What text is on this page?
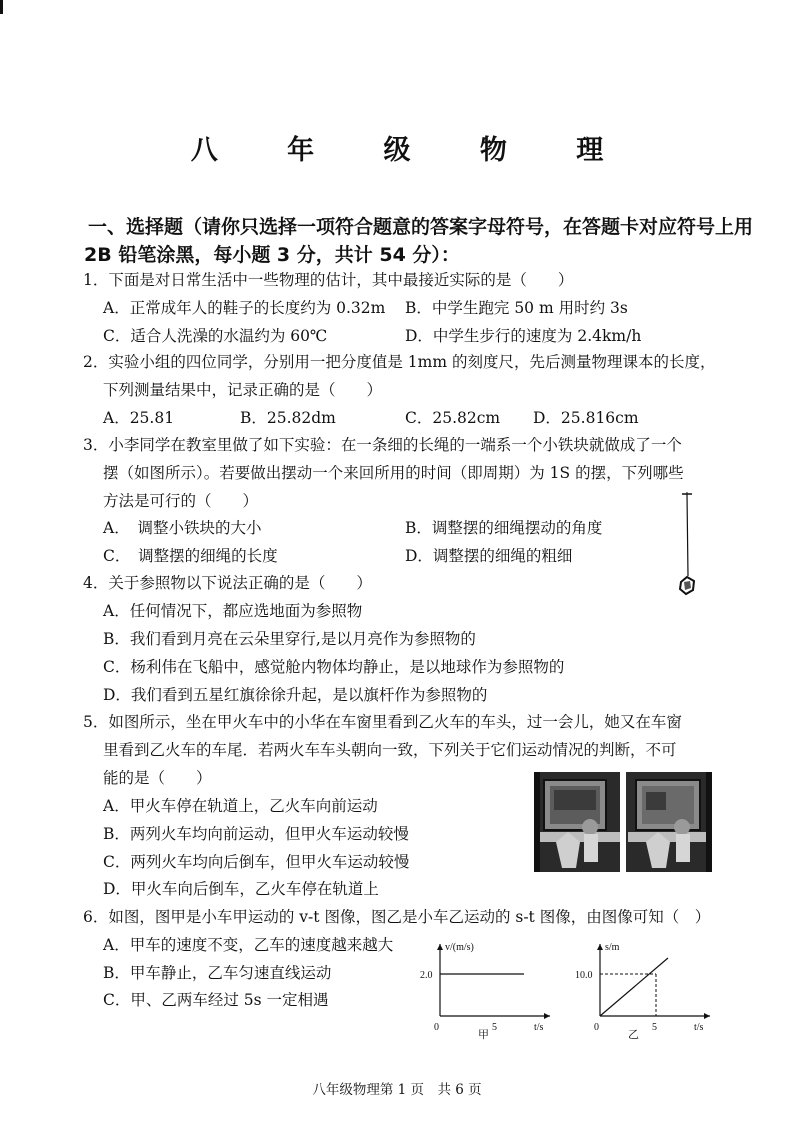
八 年 级 物 理
一、选择题（请你只选择一项符合题意的答案字母符号，在答题卡对应符号上用
2B 铅笔涂黑，每小题 3 分，共计 54 分）：
1．下面是对日常生活中一些物理的估计，其中最接近实际的是（　　）
A．正常成年人的鞋子的长度约为 0.32m B．中学生跑完 50 m 用时约 3s
C．适合人洗澡的水温约为 60℃	D．中学生步行的速度为 2.4km/h
2．实验小组的四位同学，分别用一把分度值是 1mm 的刻度尺，先后测量物理课本的长度，
下列测量结果中，记录正确的是（　　）
A．25.81	B．25.82dm	C．25.82cm D．25.816cm
3．小李同学在教室里做了如下实验：在一条细的长绳的一端系一个小铁块就做成了一个
摆（如图所示）。若要做出摆动一个来回所用的时间（即周期）为 1S 的摆，下列哪些
方法是可行的（　　）
A．　调整小铁块的大小	B．调整摆的细绳摆动的角度
C．　调整摆的细绳的长度	D．调整摆的细绳的粗细
4．关于参照物以下说法正确的是（　　）
A．任何情况下，都应选地面为参照物
B．我们看到月亮在云朵里穿行,是以月亮作为参照物的
C．杨利伟在飞船中，感觉舱内物体均静止，是以地球作为参照物的
D．我们看到五星红旗徐徐升起，是以旗杆作为参照物的
5．如图所示，坐在甲火车中的小华在车窗里看到乙火车的车头，过一会儿，她又在车窗
里看到乙火车的车尾．若两火车车头朝向一致，下列关于它们运动情况的判断，不可
能的是（　　）
A．甲火车停在轨道上，乙火车向前运动
B．两列火车均向前运动，但甲火车运动较慢
C．两列火车均向后倒车，但甲火车运动较慢
D．甲火车向后倒车，乙火车停在轨道上
6．如图，图甲是小车甲运动的 v-t 图像，图乙是小车乙运动的 s-t 图像，由图像可知（　）
A．甲车的速度不变，乙车的速度越来越大
B．甲车静止，乙车匀速直线运动
C．甲、乙两车经过 5s 一定相遇
v/(m/s)
2.0
5
0	t/s
甲
s/m
10.0
5
0	t/s
乙
八年级物理第 1 页　共 6 页
